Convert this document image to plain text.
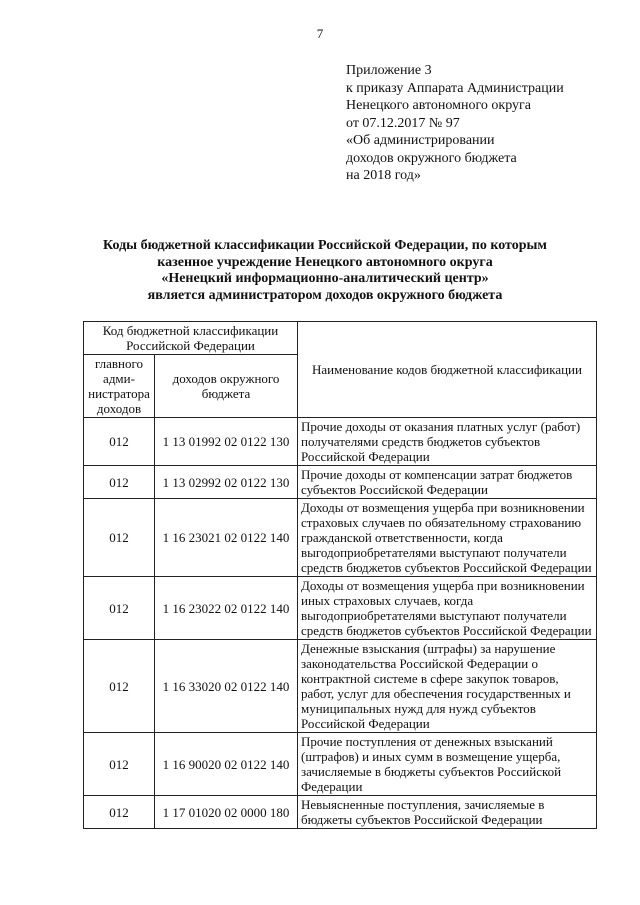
7
Приложение 3
к приказу Аппарата Администрации
Ненецкого автономного округа
от 07.12.2017 № 97
«Об администрировании
доходов окружного бюджета
на 2018 год»
Коды бюджетной классификации Российской Федерации, по которым
казенное учреждение Ненецкого автономного округа
«Ненецкий информационно-аналитический центр»
является администратором доходов окружного бюджета
Код бюджетной классификации Российской Федерации		Наименование кодов бюджетной классификации
главного адми-нистратора доходов	доходов окружного бюджета	
012	1 13 01992 02 0122 130	Прочие доходы от оказания платных услуг (работ) получателями средств бюджетов субъектов Российской Федерации
012	1 13 02992 02 0122 130	Прочие доходы от компенсации затрат бюджетов субъектов Российской Федерации
012	1 16 23021 02 0122 140	Доходы от возмещения ущерба при возникновении страховых случаев по обязательному страхованию гражданской ответственности, когда выгодоприобретателями выступают получатели средств бюджетов субъектов Российской Федерации
012	1 16 23022 02 0122 140	Доходы от возмещения ущерба при возникновении иных страховых случаев, когда выгодоприобретателями выступают получатели средств бюджетов субъектов Российской Федерации
012	1 16 33020 02 0122 140	Денежные взыскания (штрафы) за нарушение законодательства Российской Федерации о контрактной системе в сфере закупок товаров, работ, услуг для обеспечения государственных и муниципальных нужд для нужд субъектов Российской Федерации
012	1 16 90020 02 0122 140	Прочие поступления от денежных взысканий (штрафов) и иных сумм в возмещение ущерба, зачисляемые в бюджеты субъектов Российской Федерации
012	1 17 01020 02 0000 180	Невыясненные поступления, зачисляемые в бюджеты субъектов Российской Федерации
